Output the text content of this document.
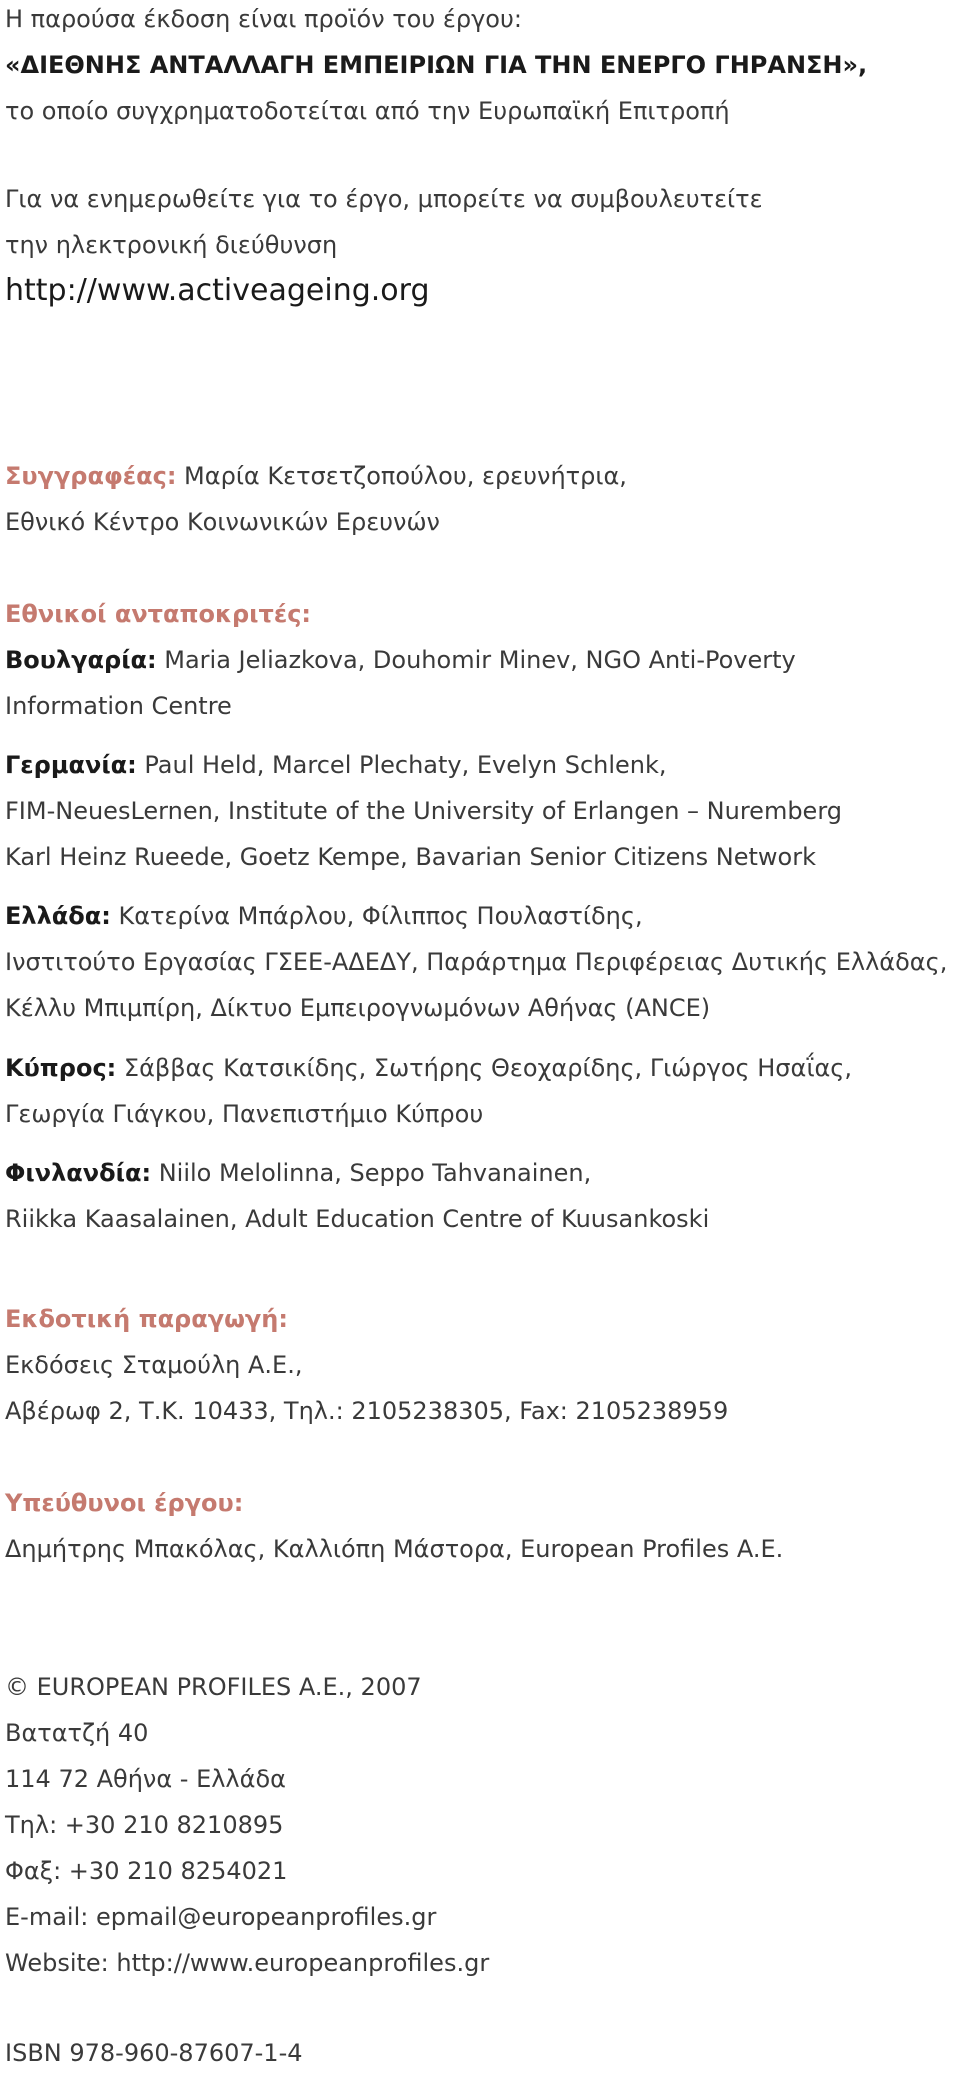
Η παρούσα έκδοση είναι προϊόν του έργου:
«ΔΙΕΘΝΗΣ ΑΝΤΑΛΛΑΓΗ ΕΜΠΕΙΡΙΩΝ ΓΙΑ ΤΗΝ ΕΝΕΡΓΟ ΓΗΡΑΝΣΗ»,
το οποίο συγχρηματοδοτείται από την Ευρωπαϊκή Επιτροπή
Για να ενημερωθείτε για το έργο, μπορείτε να συμβουλευτείτε
την ηλεκτρονική διεύθυνση
http://www.activeageing.org
Συγγραφέας: Μαρία Κετσετζοπούλου, ερευνήτρια,
Εθνικό Κέντρο Κοινωνικών Ερευνών
Εθνικοί ανταποκριτές:
Βουλγαρία: Maria Jeliazkova, Douhomir Minev, NGO Anti-Poverty
Information Centre
Γερμανία: Paul Held, Marcel Plechaty, Evelyn Schlenk,
FIM-NeuesLernen, Institute of the University of Erlangen – Nuremberg
Karl Heinz Rueede, Goetz Kempe, Bavarian Senior Citizens Network
Ελλάδα: Κατερίνα Μπάρλου, Φίλιππος Πουλαστίδης,
Ινστιτούτο Εργασίας ΓΣΕΕ-ΑΔΕΔΥ, Παράρτημα Περιφέρειας Δυτικής Ελλάδας,
Κέλλυ Μπιμπίρη, Δίκτυο Εμπειρογνωμόνων Αθήνας (ANCE)
Κύπρος: Σάββας Κατσικίδης, Σωτήρης Θεοχαρίδης, Γιώργος Ησαΐας,
Γεωργία Γιάγκου, Πανεπιστήμιο Κύπρου
Φινλανδία: Niilo Melolinna, Seppo Tahvanainen,
Riikka Kaasalainen, Adult Education Centre of Kuusankoski
Εκδοτική παραγωγή:
Εκδόσεις Σταμούλη Α.Ε.,
Αβέρωφ 2, Τ.Κ. 10433, Τηλ.: 2105238305, Fax: 2105238959
Υπεύθυνοι έργου:
Δημήτρης Μπακόλας, Καλλιόπη Μάστορα, European Profiles A.E.
© EUROPEAN PROFILES A.E., 2007
Βατατζή 40
114 72 Αθήνα - Ελλάδα
Τηλ: +30 210 8210895
Φαξ: +30 210 8254021
E-mail: epmail@europeanprofiles.gr
Website: http://www.europeanprofiles.gr
ISBN 978-960-87607-1-4
